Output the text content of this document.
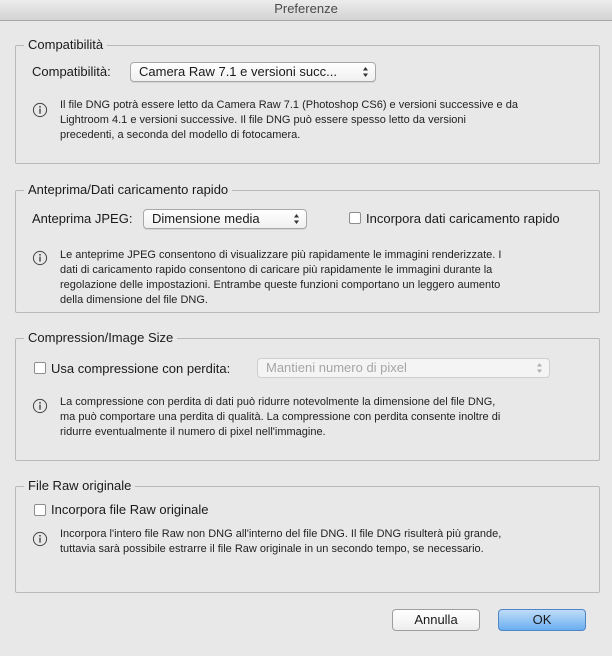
Preferenze
Compatibilità
Compatibilità:	Camera Raw 7.1 e versioni succ...
Il file DNG potrà essere letto da Camera Raw 7.1 (Photoshop CS6) e versioni successive e da
Lightroom 4.1 e versioni successive. Il file DNG può essere spesso letto da versioni
precedenti, a seconda del modello di fotocamera.
Anteprima/Dati caricamento rapido
Anteprima JPEG:	Dimensione media	Incorpora dati caricamento rapido
Le anteprime JPEG consentono di visualizzare più rapidamente le immagini renderizzate. I
dati di caricamento rapido consentono di caricare più rapidamente le immagini durante la
regolazione delle impostazioni. Entrambe queste funzioni comportano un leggero aumento
della dimensione del file DNG.
Compression/Image Size
Usa compressione con perdita:	Mantieni numero di pixel
La compressione con perdita di dati può ridurre notevolmente la dimensione del file DNG,
ma può comportare una perdita di qualità. La compressione con perdita consente inoltre di
ridurre eventualmente il numero di pixel nell'immagine.
File Raw originale
Incorpora file Raw originale
Incorpora l'intero file Raw non DNG all'interno del file DNG. Il file DNG risulterà più grande,
tuttavia sarà possibile estrarre il file Raw originale in un secondo tempo, se necessario.
Annulla	OK
